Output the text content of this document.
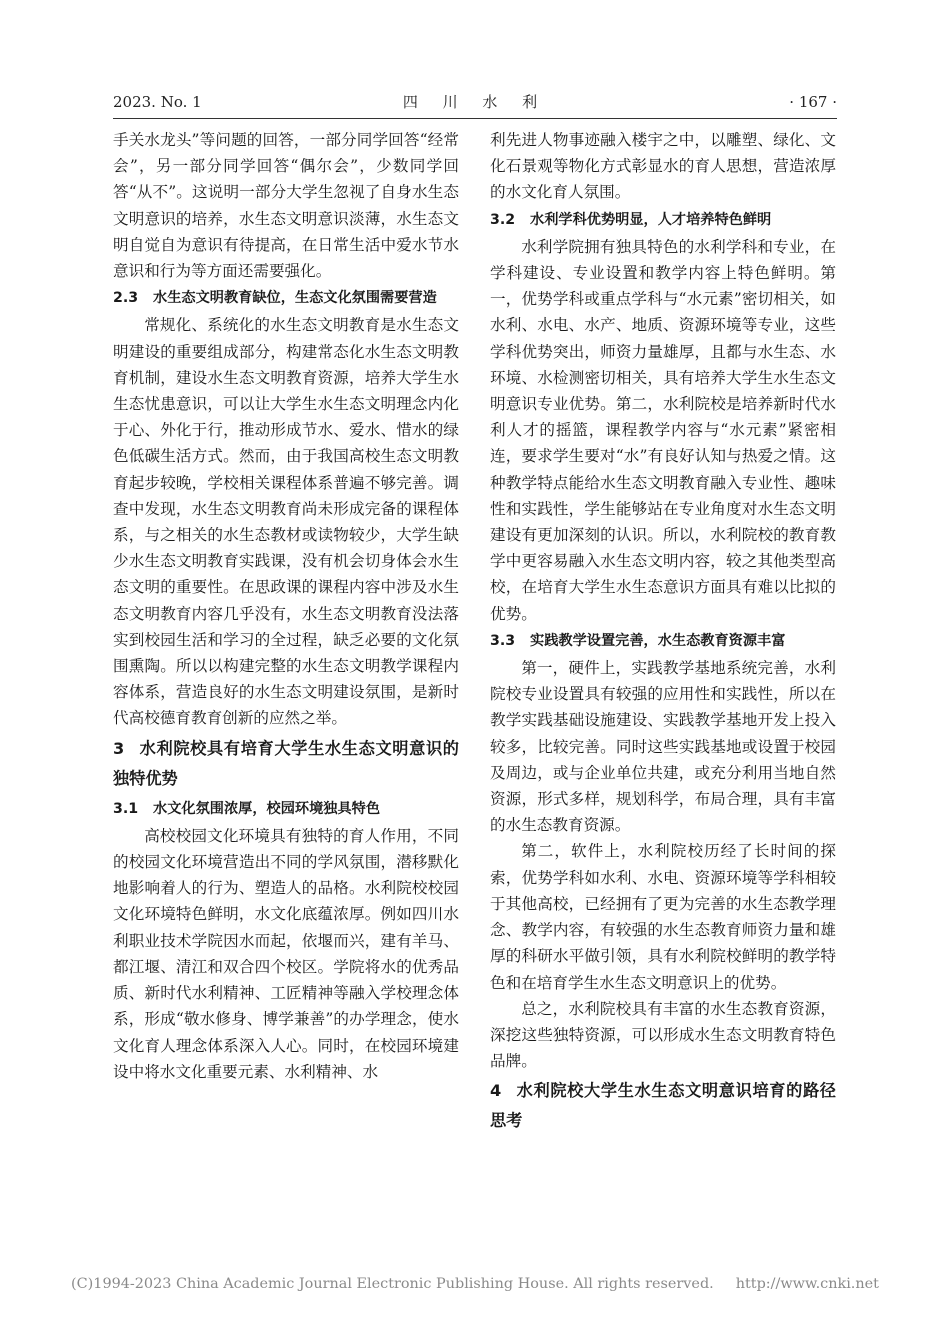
2023. No. 1	四 川 水 利	· 167 ·

手关水龙头”等问题的回答，一部分同学回答“经常会”，另一部分同学回答“偶尔会”，少数同学回答“从不”。这说明一部分大学生忽视了自身水生态文明意识的培养，水生态文明意识淡薄，水生态文明自觉自为意识有待提高，在日常生活中爱水节水意识和行为等方面还需要强化。

2.3 水生态文明教育缺位，生态文化氛围需要营造

常规化、系统化的水生态文明教育是水生态文明建设的重要组成部分，构建常态化水生态文明教育机制，建设水生态文明教育资源，培养大学生水生态忧患意识，可以让大学生水生态文明理念内化于心、外化于行，推动形成节水、爱水、惜水的绿色低碳生活方式。然而，由于我国高校生态文明教育起步较晚，学校相关课程体系普遍不够完善。调查中发现，水生态文明教育尚未形成完备的课程体系，与之相关的水生态教材或读物较少，大学生缺少水生态文明教育实践课，没有机会切身体会水生态文明的重要性。在思政课的课程内容中涉及水生态文明教育内容几乎没有，水生态文明教育没法落实到校园生活和学习的全过程，缺乏必要的文化氛围熏陶。所以以构建完整的水生态文明教学课程内容体系，营造良好的水生态文明建设氛围，是新时代高校德育教育创新的应然之举。

3 水利院校具有培育大学生水生态文明意识的独特优势
3.1 水文化氛围浓厚，校园环境独具特色

高校校园文化环境具有独特的育人作用，不同的校园文化环境营造出不同的学风氛围，潜移默化地影响着人的行为、塑造人的品格。水利院校校园文化环境特色鲜明，水文化底蕴浓厚。例如四川水利职业技术学院因水而起，依堰而兴，建有羊马、都江堰、清江和双合四个校区。学院将水的优秀品质、新时代水利精神、工匠精神等融入学校理念体系，形成“敬水修身、博学兼善”的办学理念，使水文化育人理念体系深入人心。同时，在校园环境建设中将水文化重要元素、水利精神、水

利先进人物事迹融入楼宇之中，以雕塑、绿化、文化石景观等物化方式彰显水的育人思想，营造浓厚的水文化育人氛围。

3.2 水利学科优势明显，人才培养特色鲜明

水利学院拥有独具特色的水利学科和专业，在学科建设、专业设置和教学内容上特色鲜明。第一，优势学科或重点学科与“水元素”密切相关，如水利、水电、水产、地质、资源环境等专业，这些学科优势突出，师资力量雄厚，且都与水生态、水环境、水检测密切相关，具有培养大学生水生态文明意识专业优势。第二，水利院校是培养新时代水利人才的摇篮，课程教学内容与“水元素”紧密相连，要求学生要对“水”有良好认知与热爱之情。这种教学特点能给水生态文明教育融入专业性、趣味性和实践性，学生能够站在专业角度对水生态文明建设有更加深刻的认识。所以，水利院校的教育教学中更容易融入水生态文明内容，较之其他类型高校，在培育大学生水生态意识方面具有难以比拟的优势。

3.3 实践教学设置完善，水生态教育资源丰富

第一，硬件上，实践教学基地系统完善，水利院校专业设置具有较强的应用性和实践性，所以在教学实践基础设施建设、实践教学基地开发上投入较多，比较完善。同时这些实践基地或设置于校园及周边，或与企业单位共建，或充分利用当地自然资源，形式多样，规划科学，布局合理，具有丰富的水生态教育资源。

第二，软件上，水利院校历经了长时间的探索，优势学科如水利、水电、资源环境等学科相较于其他高校，已经拥有了更为完善的水生态教学理念、教学内容，有较强的水生态教育师资力量和雄厚的科研水平做引领，具有水利院校鲜明的教学特色和在培育学生水生态文明意识上的优势。

总之，水利院校具有丰富的水生态教育资源，深挖这些独特资源，可以形成水生态文明教育特色品牌。

4 水利院校大学生水生态文明意识培育的路径思考
(C)1994-2023 China Academic Journal Electronic Publishing House. All rights reserved. http://www.cnki.net
